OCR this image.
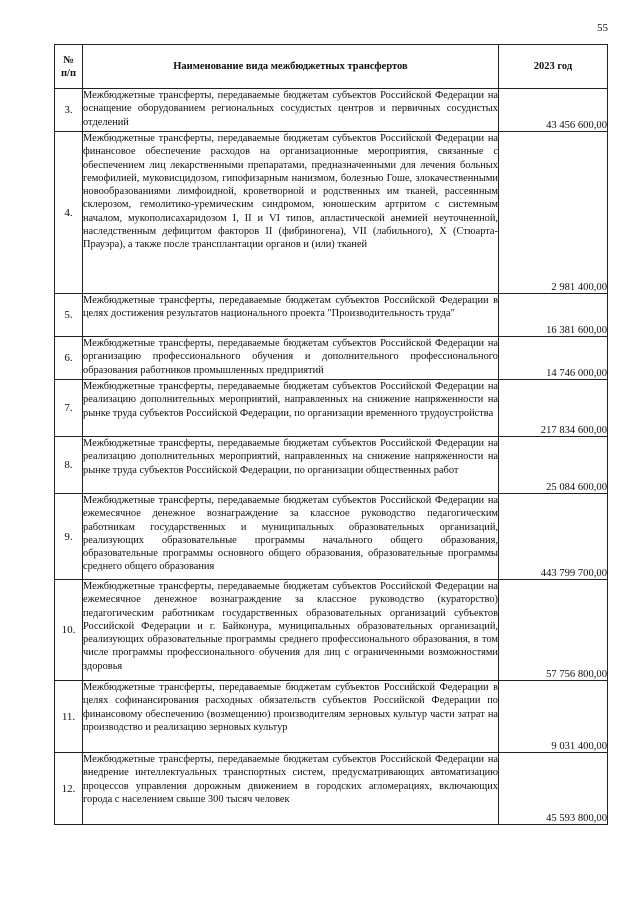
55
№
п/п	Наименование вида межбюджетных трансфертов	2023 год
3.	Межбюджетные трансферты, передаваемые бюджетам субъектов Российской Федерации на оснащение оборудованием региональных сосудистых центров и первичных сосудистых отделений	43 456 600,00
4.	Межбюджетные трансферты, передаваемые бюджетам субъектов Российской Федерации на финансовое обеспечение расходов на организационные мероприятия, связанные с обеспечением лиц лекарственными препаратами, предназначенными для лечения больных гемофилией, муковисцидозом, гипофизарным нанизмом, болезнью Гоше, злокачественными новообразованиями лимфоидной, кроветворной и родственных им тканей, рассеянным склерозом, гемолитико-уремическим синдромом, юношеским артритом с системным началом, мукополисахаридозом I, II и VI типов, апластической анемией неуточненной, наследственным дефицитом факторов II (фибриногена), VII (лабильного), X (Стюарта-Прауэра), а также после трансплантации органов и (или) тканей	2 981 400,00
5.	Межбюджетные трансферты, передаваемые бюджетам субъектов Российской Федерации в целях достижения результатов национального проекта "Производительность труда"	16 381 600,00
6.	Межбюджетные трансферты, передаваемые бюджетам субъектов Российской Федерации на организацию профессионального обучения и дополнительного профессионального образования работников промышленных предприятий	14 746 000,00
7.	Межбюджетные трансферты, передаваемые бюджетам субъектов Российской Федерации на реализацию дополнительных мероприятий, направленных на снижение напряженности на рынке труда субъектов Российской Федерации, по организации временного трудоустройства	217 834 600,00
8.	Межбюджетные трансферты, передаваемые бюджетам субъектов Российской Федерации на реализацию дополнительных мероприятий, направленных на снижение напряженности на рынке труда субъектов Российской Федерации, по организации общественных работ	25 084 600,00
9.	Межбюджетные трансферты, передаваемые бюджетам субъектов Российской Федерации на ежемесячное денежное вознаграждение за классное руководство педагогическим работникам государственных и муниципальных образовательных организаций, реализующих образовательные программы начального общего образования, образовательные программы основного общего образования, образовательные программы среднего общего образования	443 799 700,00
10.	Межбюджетные трансферты, передаваемые бюджетам субъектов Российской Федерации на ежемесячное денежное вознаграждение за классное руководство (кураторство) педагогическим работникам государственных образовательных организаций субъектов Российской Федерации и г. Байконура, муниципальных образовательных организаций, реализующих образовательные программы среднего профессионального образования, в том числе программы профессионального обучения для лиц с ограниченными возможностями здоровья	57 756 800,00
11.	Межбюджетные трансферты, передаваемые бюджетам субъектов Российской Федерации в целях софинансирования расходных обязательств субъектов Российской Федерации по финансовому обеспечению (возмещению) производителям зерновых культур части затрат на производство и реализацию зерновых культур	9 031 400,00
12.	Межбюджетные трансферты, передаваемые бюджетам субъектов Российской Федерации на внедрение интеллектуальных транспортных систем, предусматривающих автоматизацию процессов управления дорожным движением в городских агломерациях, включающих города с населением свыше 300 тысяч человек	45 593 800,00
